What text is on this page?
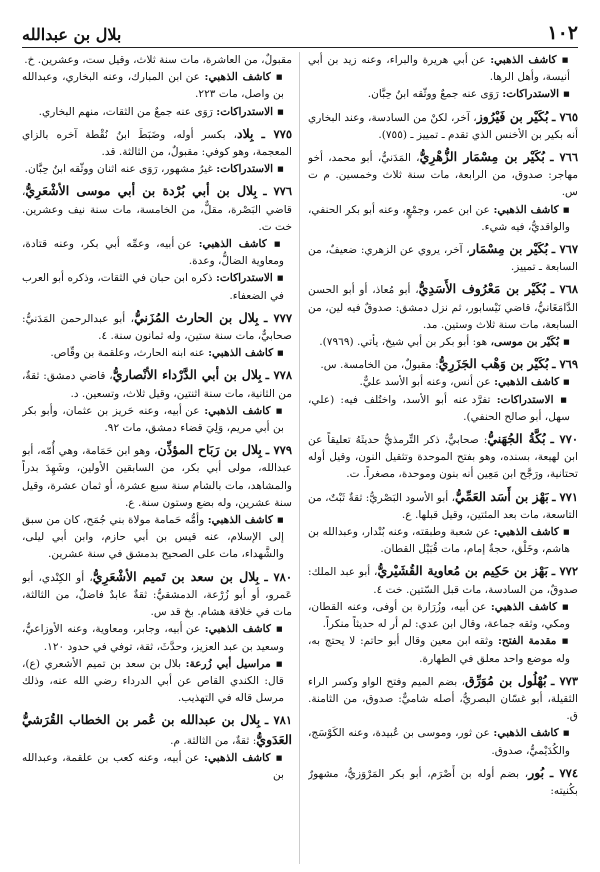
١٠٢
بلال بن عبدالله
▪ كاشف الذهبي: عن أبي هريرة والبراء، وعنه زيد بن أبي أنيسة، وأهل الرها.
▪ الاستدراكات: رَوَى عنه جمعٌ ووثّقه ابنُ حِبَّان.
٧٦٥ ـ بُكَيْر بن فَيْرُوز، آخر، لكنْ من السادسة، وعند البخاري أنه بكير بن الأخنس الذي تقدم ـ تمييز ـ (٧٥٥).
٧٦٦ ـ بُكَيْر بن مِسْمَار الزُّهْرِيُّ، المَدَنيُّ، أبو محمد، أخو مهاجر: صدوق، من الرابعة، مات سنة ثلاث وخمسين. م ت س.
▪ كاشف الذهبي: عن ابن عمر، وجمْعٍ، وعنه أبو بكر الحنفي، والواقديُّ، فيه شيء.
٧٦٧ ـ بُكَيْر بن مِسْمَار، آخر، يروي عن الزهري: ضعيفٌ، من السابعة ـ تمييز.
٧٦٨ ـ بُكَيْر بن مَعْرُوف الأَسَدِيُّ، أبو مُعاذ، أو أبو الحسن الدَّامَغَانيُّ، قاضي نَيْسابور، ثم نزل دمشق: صدوقٌ فيه لين، من السابعة، مات سنة ثلاث وستين. مد.
▪ بُكَيْر بن موسى، هو: أبو بكر بن أبي شيخ، يأتي. (٧٩٦٩).
٧٦٩ ـ بُكَيْر بن وَهْب الجَزَرِيُّ: مقبولٌ، من الخامسة. س.
▪ كاشف الذهبي: عن أنس، وعنه أبو الأسد عليٌّ.
▪ الاستدراكات: تفرَّد عنه أبو الأسد، واختُلف فيه: (علي، سهل، أبو صالح الحنفي).
٧٧٠ ـ بُكَّةُ الجُهَنيُّ: صحابيٌّ، ذكر التِّرمذيُّ حديثَهُ تعليقاً عن ابن لهيعة، بسنده، وهو بفتح الموحدة وتثقيل النون، وقيل أوله تحتانية، ورَجَّح ابن مَعِين أنه بنون وموحدة، مصغراً. ت.
٧٧١ ـ بَهْز بن أَسَد العَمِّيُّ، أبو الأسود البَصْريُّ: ثقةٌ ثَبْتٌ، من التاسعة، مات بعد المئتين، وقيل قبلها. ع.
▪ كاشف الذهبي: عن شعبة وطبقته، وعنه بُنْدار، وعبدالله بن هاشم، وخَلْق، حجةٌ إمام، مات قُبَيْل القطان.
٧٧٢ ـ بَهْز بن حَكِيم بن مُعاوية القُشَيْريُّ، أبو عبد الملك: صدوقٌ، من السادسة، مات قبل السّتين. خت ٤.
▪ كاشف الذهبي: عن أبيه، وزُرَارة بن أوفى، وعنه القطان، ومكي، وثقه جماعة، وقال ابن عدي: لم أر له حديثاً منكراً.
▪ مقدمة الفتح: وثقه ابن معين وقال أبو حاتم: لا يحتج به، وله موضع واحد معلق في الطهارة.
٧٧٣ ـ بُهْلُول بن مُوَرِّق، بضم الميم وفتح الواو وكسر الراء الثقيلة، أبو غسّان البصريُّ، أصله شاميٌّ: صدوق، من الثامنة. ق.
▪ كاشف الذهبي: عن ثور، وموسى بن عُبيدة، وعنه الكَوْسَج، والكُدَيْميُّ، صدوق.
٧٧٤ ـ بُور، بضم أوله بن أَصْرَم، أبو بكر المَرْوَزيُّ، مشهورٌ بكُنيته:
مقبولٌ، من العاشرة، مات سنة ثلاث، وقيل ست، وعشرين. خ.
▪ كاشف الذهبي: عن ابن المبارك، وعنه البخاري، وعبدالله بن واصل، مات ٢٢٣.
▪ الاستدراكات: رَوَى عنه جمعٌ من الثقات، منهم البخاري.
٧٧٥ ـ بِلاد، بكسر أوله، وضَبَطَ ابنُ نُقْطة آخره بالزاي المعجمة، وهو كوفي: مقبولٌ، من الثالثة. قد.
▪ الاستدراكات: غيرُ مشهور، رَوَى عنه اثنان ووثّقه ابنُ حِبَّان.
٧٧٦ ـ بِلال بن أبي بُرْدة بن أبي موسى الأشْعَرِيُّ، قاضي البَصْرة، مقلٌّ، من الخامسة، مات سنة نيف وعشرين. خت ت.
▪ كاشف الذهبي: عن أبيه، وعمِّه أبي بكر، وعنه قتادة، ومعاوية الضالُّ، وعدة.
▪ الاستدراكات: ذكره ابن حبان في الثقات، وذكره أبو العرب في الضعفاء.
٧٧٧ ـ بِلال بن الحارث المُزَنيُّ، أبو عبدالرحمن المَدَنيُّ: صحابيٌّ، مات سنة ستين، وله ثمانون سنة. ٤.
▪ كاشف الذهبي: عنه ابنه الحارث، وعلقمة بن وقّاص.
٧٧٨ ـ بِلال بن أبي الدَّرْداء الأنْصاريُّ، قاضي دمشق: ثقةٌ، من الثانية، مات سنة اثنتين، وقيل ثلاث، وتسعين. د.
▪ كاشف الذهبي: عن أبيه، وعنه حَريز بن عثمان، وأبو بكر بن أبي مريم، وَلِيَ قضاء دمشق، مات ٩٢.
٧٧٩ ـ بِلال بن رَبَاح المؤذِّن، وهو ابن حَمَامة، وهي أُمّه، أبو عبدالله، مولى أبي بكر، من السابقين الأولين، وشَهِدَ بدراً والمشاهد، مات بالشام سنة سبع عشرة، أو ثمان عشرة، وقيل سنة عشرين، وله بضع وستون سنة. ع.
▪ كاشف الذهبي: وأمُّه حَمامة مولاة بني جُمَح، كان من سبق إلى الإسلام، عنه قيس بن أبي حازم، وابن أبي ليلى، والشَّهداء، مات على الصحيح بدمشق في سنة عشرين.
٧٨٠ ـ بِلال بن سعد بن تَميم الأشْعَرِيُّ، أو الكِنْدي، أبو عَمرو، أو أبو زُرْعة، الدمشقيُّ: ثقةٌ عابدٌ فاضلٌ، من الثالثة، مات في خلافة هشام. بخ قد س.
▪ كاشف الذهبي: عن أبيه، وجابر، ومعاوية، وعنه الأوزاعيُّ، وسعيد بن عبد العزيز، وحدَّثَ، ثقة، توفي في حدود ١٢٠.
▪ مراسيل أبي زُرعة: بلال بن سعد بن تميم الأشعري (ع)، قال: الكندي القاص عن أبي الدرداء رضي الله عنه، وذلك مرسل قاله في التهذيب.
٧٨١ ـ بِلال بن عبدالله بن عُمر بن الخطاب القُرَشيُّ العَدَويُّ: ثقةٌ، من الثالثة. م.
▪ كاشف الذهبي: عن أبيه، وعنه كعب بن علقمة، وعبدالله بن
